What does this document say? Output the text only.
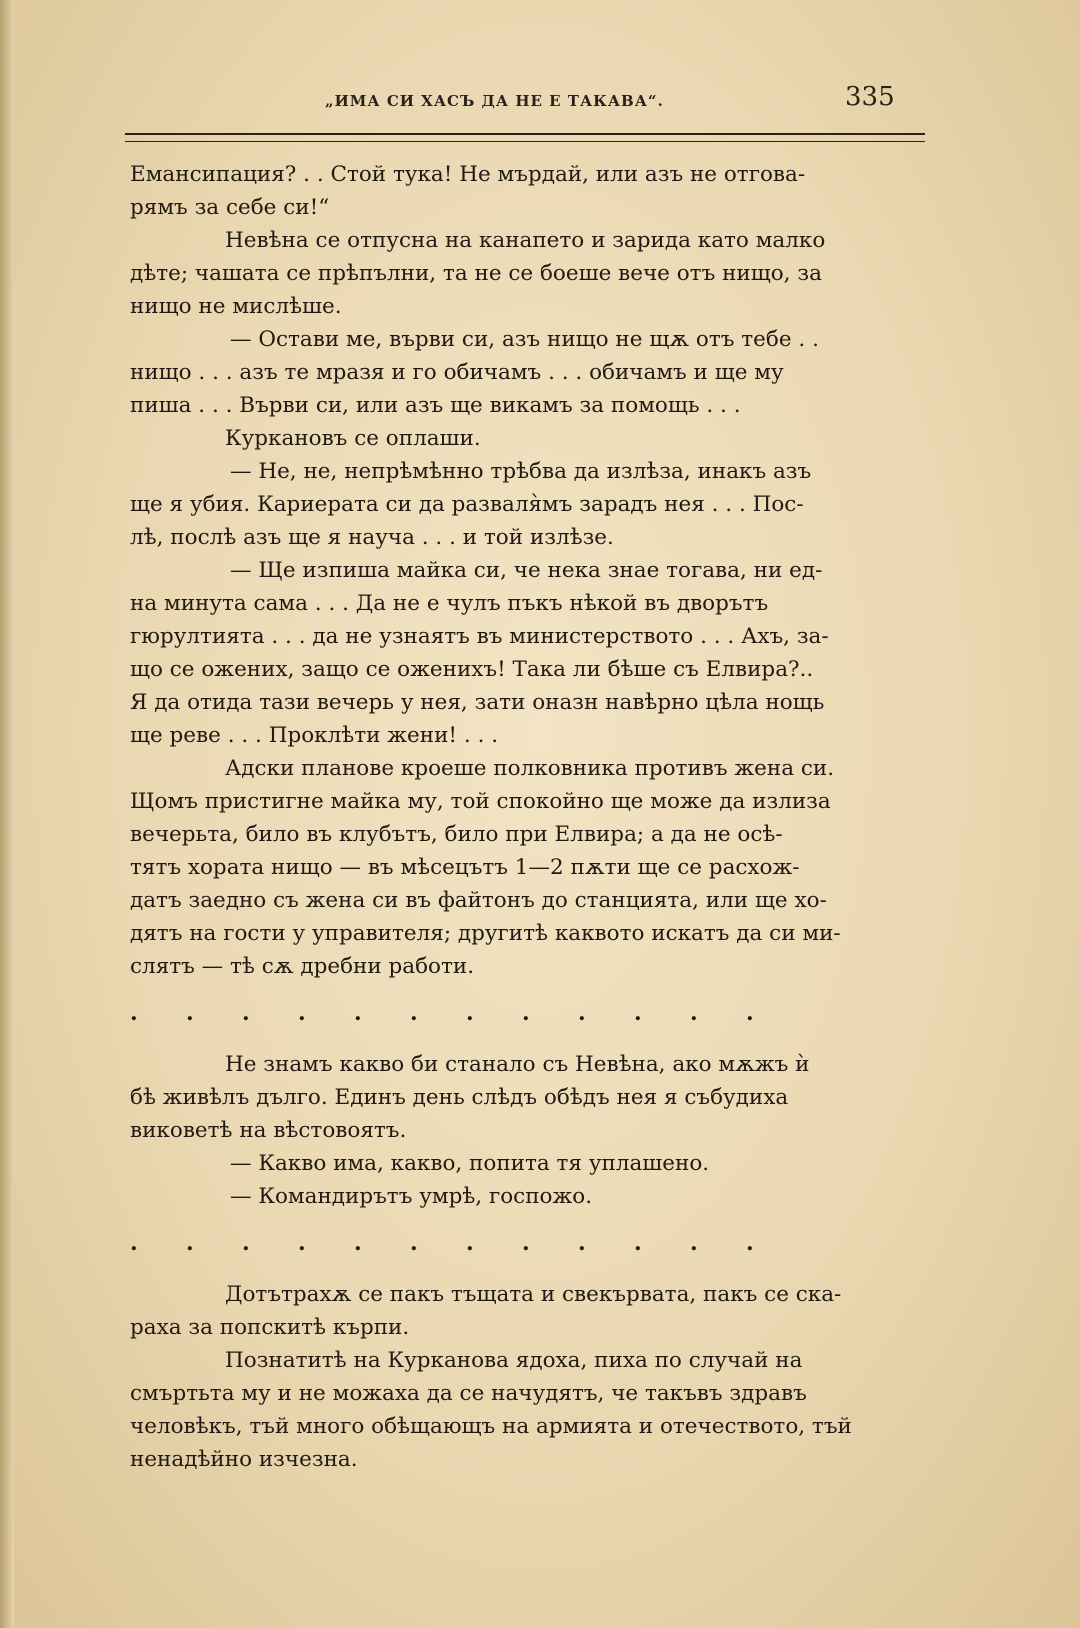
„ИМА СИ ХАСЪ ДА НЕ Е ТАКАВА“.	335
Емансипация? . . Стой тука! Не мърдай, или азъ не отгова-
рямъ за себе си!“
Невѣна се отпусна на канапето и зарида като малко
дѣте; чашата се прѣпълни, та не се боеше вече отъ нищо, за
нищо не мислѣше.
— Остави ме, върви си, азъ нищо не щѫ отъ тебе . .
нищо . . . азъ те мразя и го обичамъ . . . обичамъ и ще му
пиша . . . Върви си, или азъ ще викамъ за помощь . . .
Куркановъ се оплаши.
— Не, не, непрѣмѣнно трѣбва да излѣза, инакъ азъ
ще я убия. Кариерата си да разваля̀мъ зарадъ нея . . . Пос-
лѣ, послѣ азъ ще я науча . . . и той излѣзе.
— Ще изпиша майка си, че нека знае тогава, ни ед-
на минута сама . . . Да не е чулъ пъкъ нѣкой въ дворътъ
гюрултията . . . да не узнаятъ въ министерството . . . Ахъ, за-
що се ожених, защо се оженихъ! Така ли бѣше съ Елвира?..
Я да отида тази вечерь у нея, зати оназн навѣрно цѣла нощь
ще реве . . . Проклѣти жени! . . .
Адски планове кроеше полковника противъ жена си.
Щомъ пристигне майка му, той спокойно ще може да излиза
вечерьта, било въ клубътъ, било при Елвира; а да не осѣ-
тятъ хората нищо — въ мѣсецътъ 1—2 пѫти ще се расхож-
датъ заедно съ жена си въ файтонъ до станцията, или ще хо-
дятъ на гости у управителя; другитѣ каквото искатъ да си ми-
слятъ — тѣ сѫ дребни работи.
. . . . . . . . . . . .
Не знамъ какво би станало съ Невѣна, ако мѫжъ ѝ
бѣ живѣлъ дълго. Единъ день слѣдъ обѣдъ нея я събудиха
виковетѣ на вѣстовоятъ.
— Какво има, какво, попита тя уплашено.
— Командирътъ умрѣ, госпожо.
. . . . . . . . . . . .
Дотътрахѫ се пакъ тъщата и свекървата, пакъ се ска-
раха за попскитѣ кърпи.
Познатитѣ на Курканова ядоха, пиха по случай на
смъртьта му и не можаха да се начудятъ, че такъвъ здравъ
человѣкъ, тъй много обѣщающъ на армията и отечеството, тъй
ненадѣйно изчезна.
